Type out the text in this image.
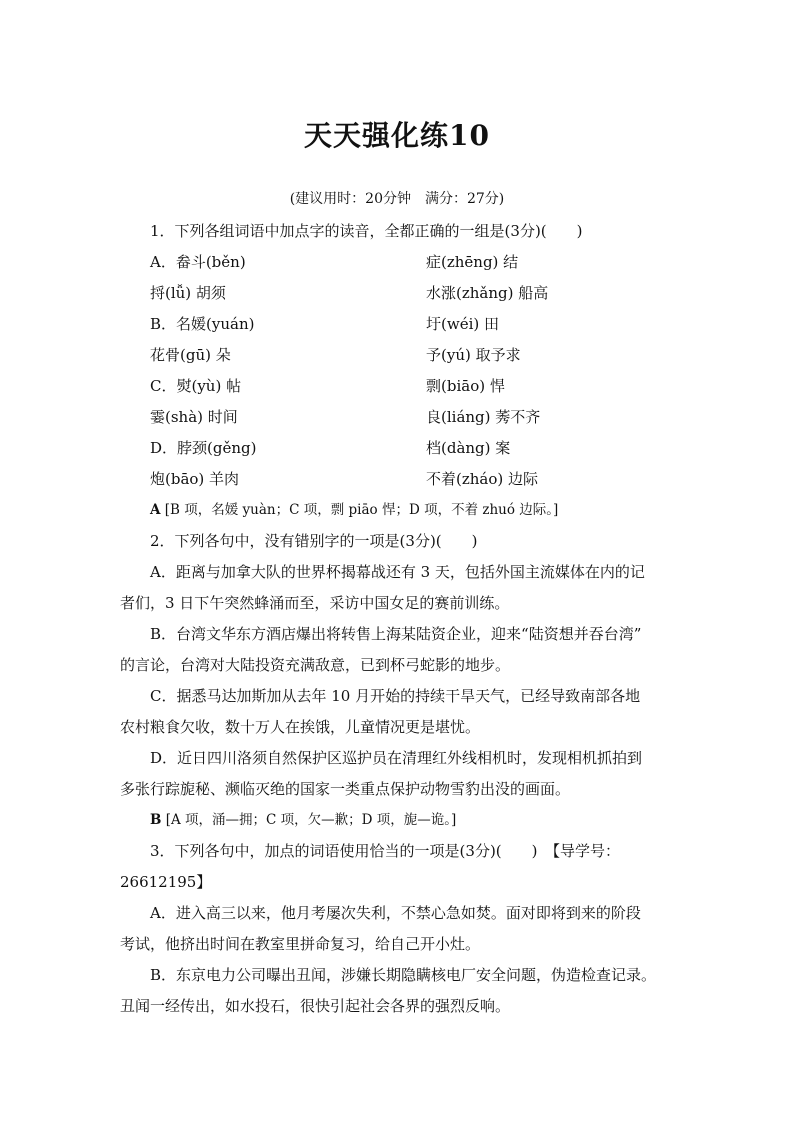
天天强化练10
(建议用时：20分钟　满分：27分)
1．下列各组词语中加点字的读音，全都正确的一组是(3分)(　　)
A．畚斗(běn)	症(zhēng) 结
捋(lǚ) 胡须	水涨(zhǎng) 船高
B．名媛(yuán)	圩(wéi) 田
花骨(gū) 朵	予(yú) 取予求
C．熨(yù) 帖	剽(biāo) 悍
霎(shà) 时间	良(liáng) 莠不齐
D．脖颈(gěng)	档(dàng) 案
炮(bāo) 羊肉	不着(zháo) 边际
A [B 项，名媛 yuàn；C 项，剽 piāo 悍；D 项，不着 zhuó 边际。]
2．下列各句中，没有错别字的一项是(3分)(　　)
A．距离与加拿大队的世界杯揭幕战还有 3 天，包括外国主流媒体在内的记
者们，3 日下午突然蜂涌而至，采访中国女足的赛前训练。
B．台湾文华东方酒店爆出将转售上海某陆资企业，迎来“陆资想并吞台湾”
的言论，台湾对大陆投资充满敌意，已到杯弓蛇影的地步。
C．据悉马达加斯加从去年 10 月开始的持续干旱天气，已经导致南部各地
农村粮食欠收，数十万人在挨饿，儿童情况更是堪忧。
D．近日四川洛须自然保护区巡护员在清理红外线相机时，发现相机抓拍到
多张行踪旎秘、濒临灭绝的国家一类重点保护动物雪豹出没的画面。
B [A 项，涌—拥；C 项，欠—歉；D 项，旎—诡。]
3．下列各句中，加点的词语使用恰当的一项是(3分)(　　)　【导学号：
26612195】
A．进入高三以来，他月考屡次失利，不禁心急如焚。面对即将到来的阶段
考试，他挤出时间在教室里拼命复习，给自己开小灶。
B．东京电力公司曝出丑闻，涉嫌长期隐瞒核电厂安全问题，伪造检查记录。
丑闻一经传出，如水投石，很快引起社会各界的强烈反响。
